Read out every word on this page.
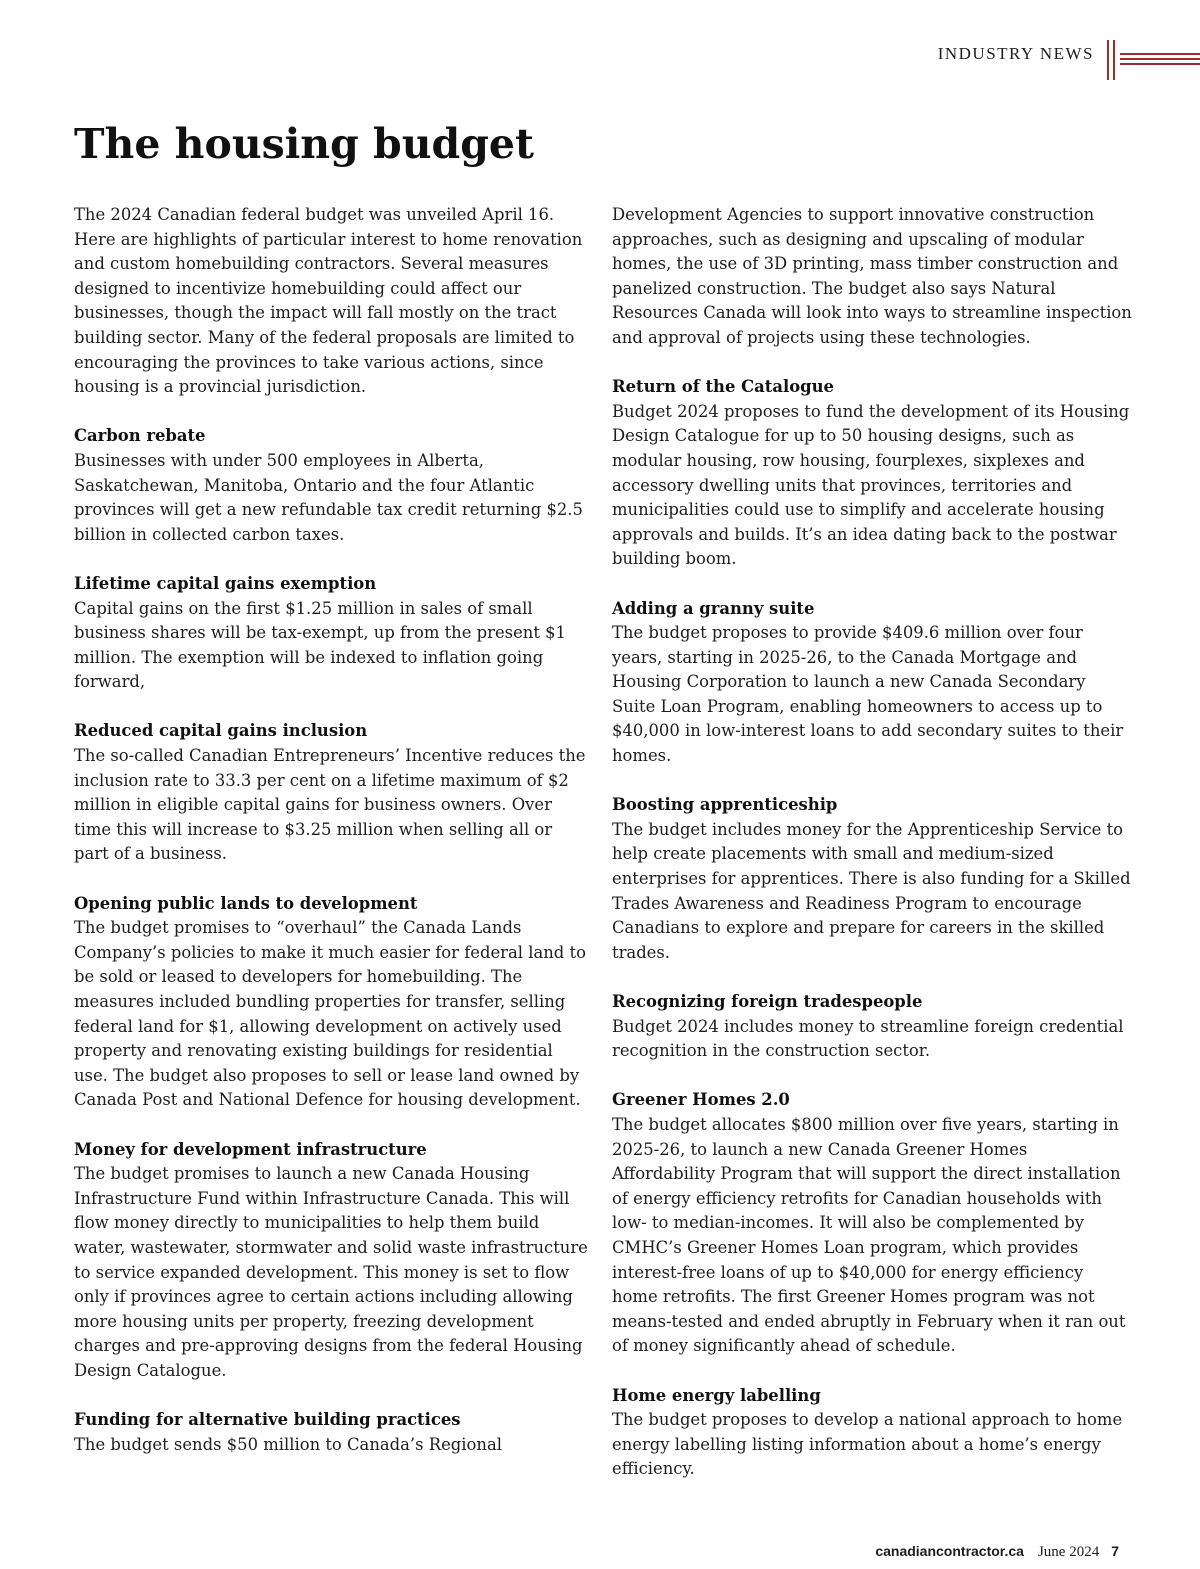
INDUSTRY NEWS
The housing budget

The 2024 Canadian federal budget was unveiled April 16. Here are highlights of particular interest to home renovation and custom homebuilding contractors. Several measures designed to incentivize homebuilding could affect our businesses, though the impact will fall mostly on the tract building sector. Many of the federal proposals are limited to encouraging the provinces to take various actions, since housing is a provincial jurisdiction.

Carbon rebate

Businesses with under 500 employees in Alberta, Saskatchewan, Manitoba, Ontario and the four Atlantic provinces will get a new refundable tax credit returning $2.5 billion in collected carbon taxes.

Lifetime capital gains exemption

Capital gains on the first $1.25 million in sales of small business shares will be tax-exempt, up from the present $1 million. The exemption will be indexed to inflation going forward,

Reduced capital gains inclusion

The so-called Canadian Entrepreneurs’ Incentive reduces the inclusion rate to 33.3 per cent on a lifetime maximum of $2 million in eligible capital gains for business owners. Over time this will increase to $3.25 million when selling all or part of a business.

Opening public lands to development

The budget promises to “overhaul” the Canada Lands Company’s policies to make it much easier for federal land to be sold or leased to developers for homebuilding. The measures included bundling properties for transfer, selling federal land for $1, allowing development on actively used property and renovating existing buildings for residential use. The budget also proposes to sell or lease land owned by Canada Post and National Defence for housing development.

Money for development infrastructure

The budget promises to launch a new Canada Housing Infrastructure Fund within Infrastructure Canada. This will flow money directly to municipalities to help them build water, wastewater, stormwater and solid waste infrastructure to service expanded development. This money is set to flow only if provinces agree to certain actions including allowing more housing units per property, freezing development charges and pre-approving designs from the federal Housing Design Catalogue.

Funding for alternative building practices

The budget sends $50 million to Canada’s Regional

Development Agencies to support innovative construction approaches, such as designing and upscaling of modular homes, the use of 3D printing, mass timber construction and panelized construction. The budget also says Natural Resources Canada will look into ways to streamline inspection and approval of projects using these technologies.

Return of the Catalogue

Budget 2024 proposes to fund the development of its Housing Design Catalogue for up to 50 housing designs, such as modular housing, row housing, fourplexes, sixplexes and accessory dwelling units that provinces, territories and municipalities could use to simplify and accelerate housing approvals and builds. It’s an idea dating back to the postwar building boom.

Adding a granny suite

The budget proposes to provide $409.6 million over four years, starting in 2025-26, to the Canada Mortgage and Housing Corporation to launch a new Canada Secondary Suite Loan Program, enabling homeowners to access up to $40,000 in low-interest loans to add secondary suites to their homes.

Boosting apprenticeship

The budget includes money for the Apprenticeship Service to help create placements with small and medium-sized enterprises for apprentices. There is also funding for a Skilled Trades Awareness and Readiness Program to encourage Canadians to explore and prepare for careers in the skilled trades.

Recognizing foreign tradespeople

Budget 2024 includes money to streamline foreign credential recognition in the construction sector.

Greener Homes 2.0

The budget allocates $800 million over five years, starting in 2025-26, to launch a new Canada Greener Homes Affordability Program that will support the direct installation of energy efficiency retrofits for Canadian households with low- to median-incomes. It will also be complemented by CMHC’s Greener Homes Loan program, which provides interest-free loans of up to $40,000 for energy efficiency home retrofits. The first Greener Homes program was not means-tested and ended abruptly in February when it ran out of money significantly ahead of schedule.

Home energy labelling

The budget proposes to develop a national approach to home energy labelling listing information about a home’s energy efficiency.

canadiancontractor.ca June 2024 7
